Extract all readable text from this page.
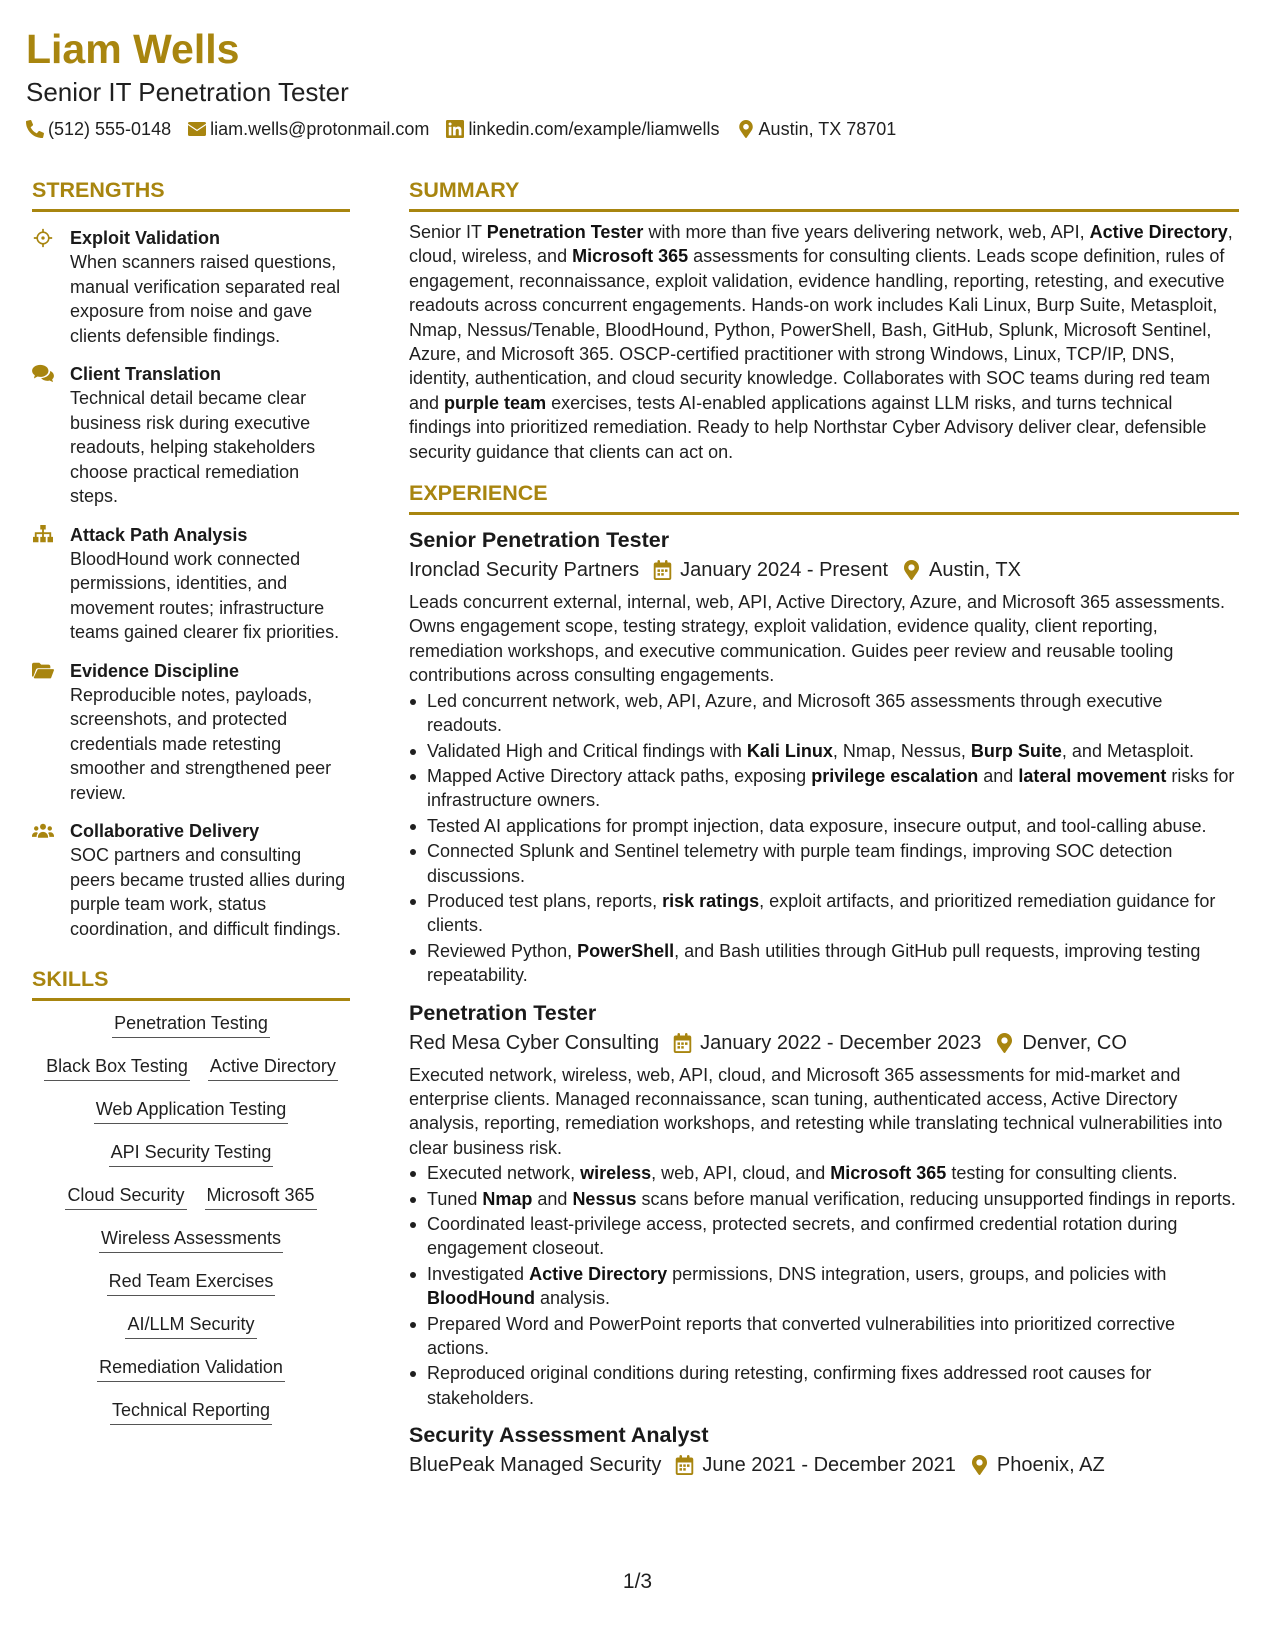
Liam Wells
Senior IT Penetration Tester
(512) 555-0148 liam.wells@protonmail.com linkedin.com/example/liamwells Austin, TX 78701
STRENGTHS
Exploit Validation
When scanners raised questions, manual verification separated real exposure from noise and gave clients defensible findings.
Client Translation
Technical detail became clear business risk during executive readouts, helping stakeholders choose practical remediation steps.
Attack Path Analysis
BloodHound work connected permissions, identities, and movement routes; infrastructure teams gained clearer fix priorities.
Evidence Discipline
Reproducible notes, payloads, screenshots, and protected credentials made retesting smoother and strengthened peer review.
Collaborative Delivery
SOC partners and consulting peers became trusted allies during purple team work, status coordination, and difficult findings.
SKILLS
Penetration Testing
Black Box Testing Active Directory
Web Application Testing
API Security Testing
Cloud Security Microsoft 365
Wireless Assessments
Red Team Exercises
AI/LLM Security
Remediation Validation
Technical Reporting
SUMMARY
Senior IT Penetration Tester with more than five years delivering network, web, API, Active Directory, cloud, wireless, and Microsoft 365 assessments for consulting clients. Leads scope definition, rules of engagement, reconnaissance, exploit validation, evidence handling, reporting, retesting, and executive readouts across concurrent engagements. Hands-on work includes Kali Linux, Burp Suite, Metasploit, Nmap, Nessus/Tenable, BloodHound, Python, PowerShell, Bash, GitHub, Splunk, Microsoft Sentinel, Azure, and Microsoft 365. OSCP-certified practitioner with strong Windows, Linux, TCP/IP, DNS, identity, authentication, and cloud security knowledge. Collaborates with SOC teams during red team and purple team exercises, tests AI-enabled applications against LLM risks, and turns technical findings into prioritized remediation. Ready to help Northstar Cyber Advisory deliver clear, defensible security guidance that clients can act on.
EXPERIENCE
Senior Penetration Tester
Ironclad Security Partners January 2024 - Present Austin, TX
Leads concurrent external, internal, web, API, Active Directory, Azure, and Microsoft 365 assessments. Owns engagement scope, testing strategy, exploit validation, evidence quality, client reporting, remediation workshops, and executive communication. Guides peer review and reusable tooling contributions across consulting engagements.
Led concurrent network, web, API, Azure, and Microsoft 365 assessments through executive readouts.
Validated High and Critical findings with Kali Linux, Nmap, Nessus, Burp Suite, and Metasploit.
Mapped Active Directory attack paths, exposing privilege escalation and lateral movement risks for infrastructure owners.
Tested AI applications for prompt injection, data exposure, insecure output, and tool-calling abuse.
Connected Splunk and Sentinel telemetry with purple team findings, improving SOC detection discussions.
Produced test plans, reports, risk ratings, exploit artifacts, and prioritized remediation guidance for clients.
Reviewed Python, PowerShell, and Bash utilities through GitHub pull requests, improving testing repeatability.
Penetration Tester
Red Mesa Cyber Consulting January 2022 - December 2023 Denver, CO
Executed network, wireless, web, API, cloud, and Microsoft 365 assessments for mid-market and enterprise clients. Managed reconnaissance, scan tuning, authenticated access, Active Directory analysis, reporting, remediation workshops, and retesting while translating technical vulnerabilities into clear business risk.
Executed network, wireless, web, API, cloud, and Microsoft 365 testing for consulting clients.
Tuned Nmap and Nessus scans before manual verification, reducing unsupported findings in reports.
Coordinated least-privilege access, protected secrets, and confirmed credential rotation during engagement closeout.
Investigated Active Directory permissions, DNS integration, users, groups, and policies with BloodHound analysis.
Prepared Word and PowerPoint reports that converted vulnerabilities into prioritized corrective actions.
Reproduced original conditions during retesting, confirming fixes addressed root causes for stakeholders.
Security Assessment Analyst
BluePeak Managed Security June 2021 - December 2021 Phoenix, AZ
1/3
